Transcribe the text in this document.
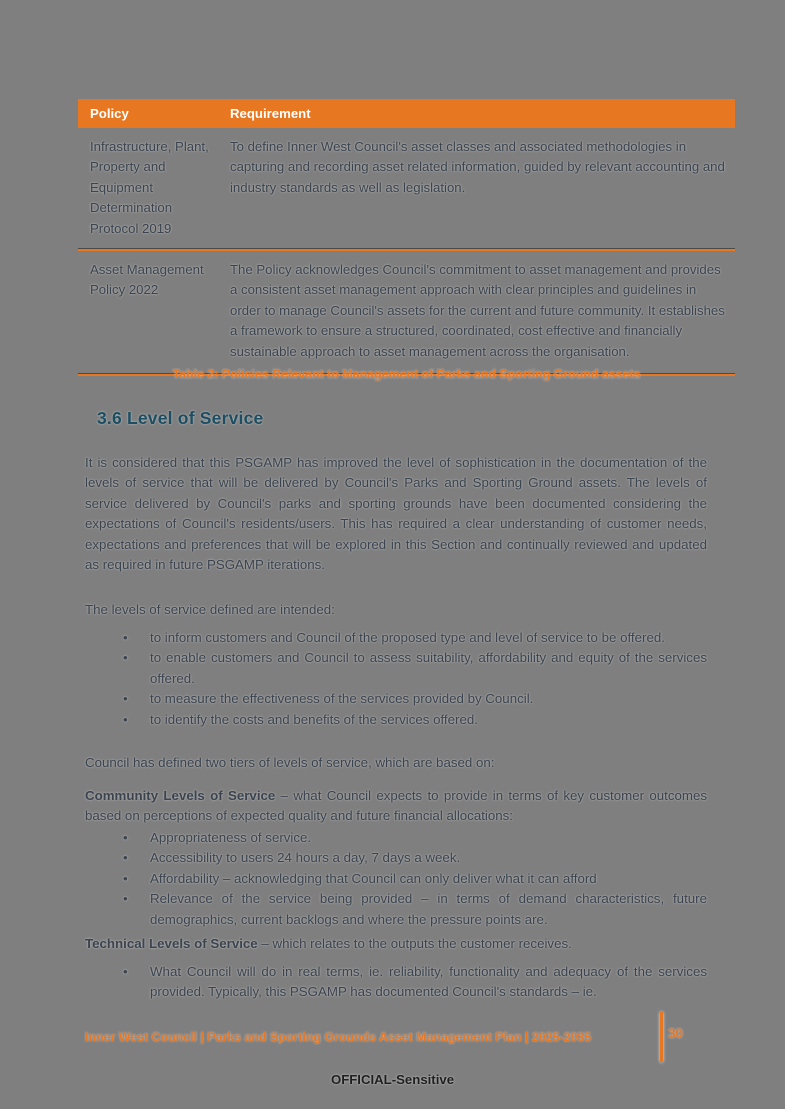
Policy	Requirement
Infrastructure, Plant, Property and Equipment Determination Protocol 2019
To define Inner West Council's asset classes and associated methodologies in capturing and recording asset related information, guided by relevant accounting and industry standards as well as legislation.
Asset Management Policy 2022
The Policy acknowledges Council's commitment to asset management and provides a consistent asset management approach with clear principles and guidelines in order to manage Council's assets for the current and future community. It establishes a framework to ensure a structured, coordinated, cost effective and financially sustainable approach to asset management across the organisation.
Table 2: Policies Relevant to Management of Parks and Sporting Ground assets
3.6 Level of Service
It is considered that this PSGAMP has improved the level of sophistication in the documentation of the levels of service that will be delivered by Council's Parks and Sporting Ground assets. The levels of service delivered by Council's parks and sporting grounds have been documented considering the expectations of Council's residents/users. This has required a clear understanding of customer needs, expectations and preferences that will be explored in this Section and continually reviewed and updated as required in future PSGAMP iterations.
The levels of service defined are intended:
• to inform customers and Council of the proposed type and level of service to be offered.
• to enable customers and Council to assess suitability, affordability and equity of the services offered.
• to measure the effectiveness of the services provided by Council.
• to identify the costs and benefits of the services offered.
Council has defined two tiers of levels of service, which are based on:
Community Levels of Service – what Council expects to provide in terms of key customer outcomes based on perceptions of expected quality and future financial allocations:
• Appropriateness of service.
• Accessibility to users 24 hours a day, 7 days a week.
• Affordability – acknowledging that Council can only deliver what it can afford
• Relevance of the service being provided – in terms of demand characteristics, future demographics, current backlogs and where the pressure points are.
Technical Levels of Service – which relates to the outputs the customer receives.
• What Council will do in real terms, ie. reliability, functionality and adequacy of the services provided. Typically, this PSGAMP has documented Council's standards – ie.
Inner West Council | Parks and Sporting Grounds Asset Management Plan | 2025-2035	30
OFFICIAL-Sensitive
